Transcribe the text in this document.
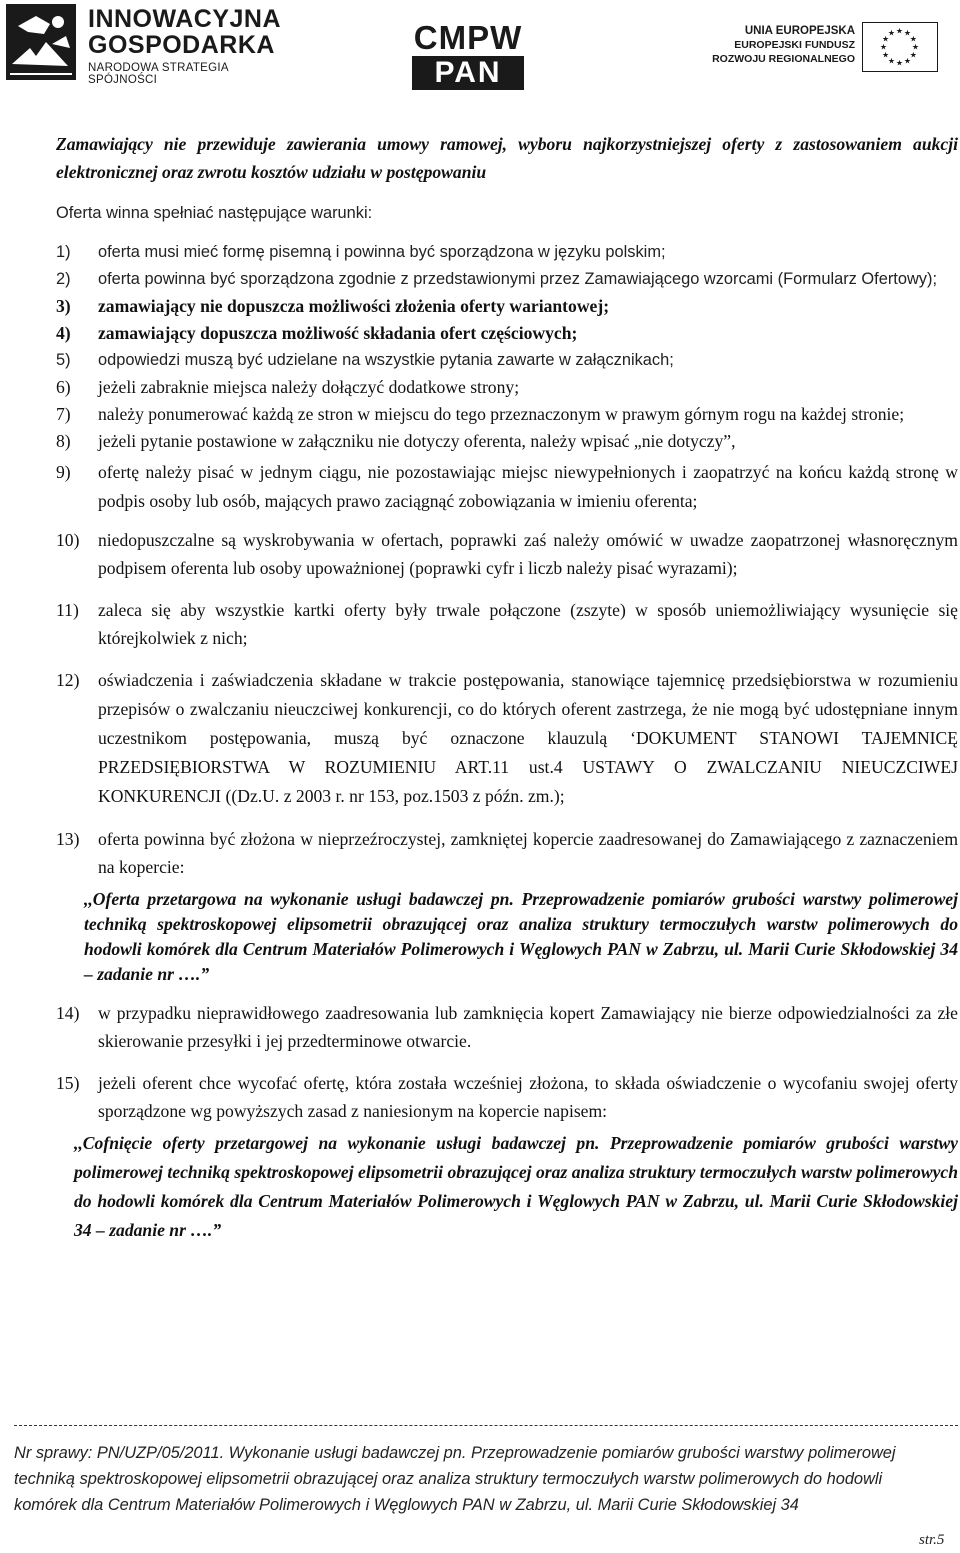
INNOWACYJNA
GOSPODARKA
NARODOWA STRATEGIA SPÓJNOŚCI
CMPW
PAN
UNIA EUROPEJSKA
EUROPEJSKI FUNDUSZ
ROZWOJU REGIONALNEGO
★ ★
★
★
★
★
★
★
★
★
★
★

Zamawiający nie przewiduje zawierania umowy ramowej, wyboru najkorzystniejszej oferty z zastosowaniem aukcji elektronicznej oraz zwrotu kosztów udziału w postępowaniu

Oferta winna spełniać następujące warunki:

1) oferta musi mieć formę pisemną i powinna być sporządzona w języku polskim;
2) oferta powinna być sporządzona zgodnie z przedstawionymi przez Zamawiającego wzorcami (Formularz Ofertowy);
3) zamawiający nie dopuszcza możliwości złożenia oferty wariantowej;
4) zamawiający dopuszcza możliwość składania ofert częściowych;
5) odpowiedzi muszą być udzielane na wszystkie pytania zawarte w załącznikach;
6) jeżeli zabraknie miejsca należy dołączyć dodatkowe strony;
7) należy ponumerować każdą ze stron w miejscu do tego przeznaczonym w prawym górnym rogu na każdej stronie;
8) jeżeli pytanie postawione w załączniku nie dotyczy oferenta, należy wpisać „nie dotyczy”,
9) ofertę należy pisać w jednym ciągu, nie pozostawiając miejsc niewypełnionych i zaopatrzyć na końcu każdą stronę w podpis osoby lub osób, mających prawo zaciągnąć zobowiązania w imieniu oferenta;
10) niedopuszczalne są wyskrobywania w ofertach, poprawki zaś należy omówić w uwadze zaopatrzonej własnoręcznym podpisem oferenta lub osoby upoważnionej (poprawki cyfr i liczb należy pisać wyrazami);
11) zaleca się aby wszystkie kartki oferty były trwale połączone (zszyte) w sposób uniemożliwiający wysunięcie się którejkolwiek z nich;
12) oświadczenia i zaświadczenia składane w trakcie postępowania, stanowiące tajemnicę przedsiębiorstwa w rozumieniu przepisów o zwalczaniu nieuczciwej konkurencji, co do których oferent zastrzega, że nie mogą być udostępniane innym uczestnikom postępowania, muszą być oznaczone klauzulą ‘DOKUMENT STANOWI TAJEMNICĘ PRZEDSIĘBIORSTWA W ROZUMIENIU ART.11 ust.4 USTAWY O ZWALCZANIU NIEUCZCIWEJ KONKURENCJI ((Dz.U. z 2003 r. nr 153, poz.1503 z późn. zm.);
13) oferta powinna być złożona w nieprzeźroczystej, zamkniętej kopercie zaadresowanej do Zamawiającego z zaznaczeniem na kopercie:

,,Oferta przetargowa na wykonanie usługi badawczej pn. Przeprowadzenie pomiarów grubości warstwy polimerowej techniką spektroskopowej elipsometrii obrazującej oraz analiza struktury termoczułych warstw polimerowych do hodowli komórek dla Centrum Materiałów Polimerowych i Węglowych PAN w Zabrzu, ul. Marii Curie Skłodowskiej 34 – zadanie nr ….”

14) w przypadku nieprawidłowego zaadresowania lub zamknięcia kopert Zamawiający nie bierze odpowiedzialności za złe skierowanie przesyłki i jej przedterminowe otwarcie.
15) jeżeli oferent chce wycofać ofertę, która została wcześniej złożona, to składa oświadczenie o wycofaniu swojej oferty sporządzone wg powyższych zasad z naniesionym na kopercie napisem:

,,Cofnięcie oferty przetargowej na wykonanie usługi badawczej pn. Przeprowadzenie pomiarów grubości warstwy polimerowej techniką spektroskopowej elipsometrii obrazującej oraz analiza struktury termoczułych warstw polimerowych do hodowli komórek dla Centrum Materiałów Polimerowych i Węglowych PAN w Zabrzu, ul. Marii Curie Skłodowskiej 34 – zadanie nr ….”

Nr sprawy: PN/UZP/05/2011. Wykonanie usługi badawczej pn. Przeprowadzenie pomiarów grubości warstwy polimerowej techniką spektroskopowej elipsometrii obrazującej oraz analiza struktury termoczułych warstw polimerowych do hodowli komórek dla Centrum Materiałów Polimerowych i Węglowych PAN w Zabrzu, ul. Marii Curie Skłodowskiej 34
str.5
